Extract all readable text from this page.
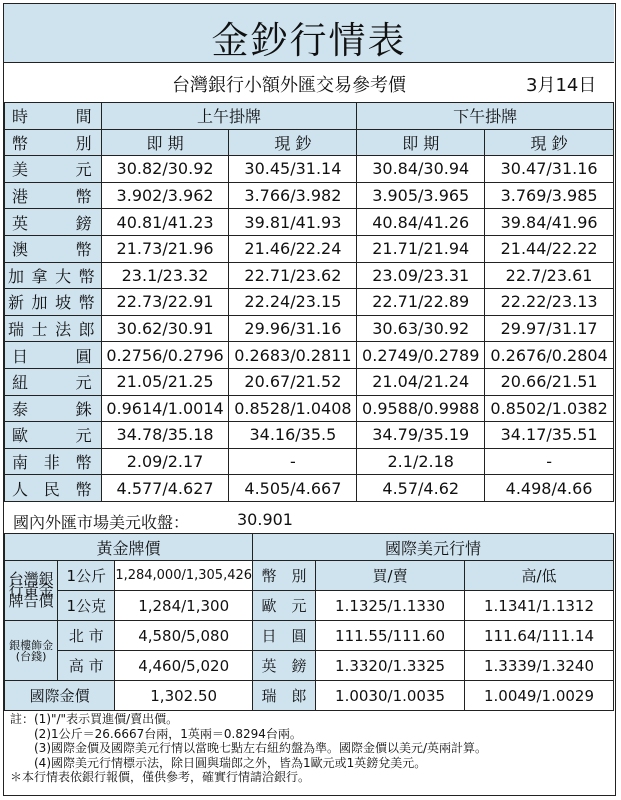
金鈔行情表
台灣銀行小額外匯交易參考價	3月14日
時　間	上午掛牌		下午掛牌	
幣　別	即 期	現 鈔	即 期	現 鈔
美　元	30.82/30.92	30.45/31.14	30.84/30.94	30.47/31.16
港　幣	3.902/3.962	3.766/3.982	3.905/3.965	3.769/3.985
英　鎊	40.81/41.23	39.81/41.93	40.84/41.26	39.84/41.96
澳　幣	21.73/21.96	21.46/22.24	21.71/21.94	21.44/22.22
加拿大幣	23.1/23.32	22.71/23.62	23.09/23.31	22.7/23.61
新加坡幣	22.73/22.91	22.24/23.15	22.71/22.89	22.22/23.13
瑞士法郎	30.62/30.91	29.96/31.16	30.63/30.92	29.97/31.17
日　圓	0.2756/0.2796	0.2683/0.2811	0.2749/0.2789	0.2676/0.2804
紐　元	21.05/21.25	20.67/21.52	21.04/21.24	20.66/21.51
泰　銖	0.9614/1.0014	0.8528/1.0408	0.9588/0.9988	0.8502/1.0382
歐　元	34.78/35.18	34.16/35.5	34.79/35.19	34.17/35.51
南非幣	2.09/2.17	-	2.1/2.18	-
人民幣	4.577/4.627	4.505/4.667	4.57/4.62	4.498/4.66
國內外匯市場美元收盤：	30.901
黃金牌價			國際美元行情		
台灣銀行黃金牌告價	1公斤	1,284,000/1,305,426	幣　別	買/賣	高/低
	1公克	1,284/1,300	歐　元	1.1325/1.1330	1.1341/1.1312
銀樓飾金(台錢)	北 市	4,580/5,080	日　圓	111.55/111.60	111.64/111.14
	高 市	4,460/5,020	英　鎊	1.3320/1.3325	1.3339/1.3240
國際金價		1,302.50	瑞　郎	1.0030/1.0035	1.0049/1.0029
註：(1)"/"表示買進價/賣出價。
　　(2)1公斤＝26.6667台兩，1英兩＝0.8294台兩。
　　(3)國際金價及國際美元行情以當晚七點左右紐約盤為準。國際金價以美元/英兩計算。
　　(4)國際美元行情標示法，除日圓與瑞郎之外，皆為1歐元或1英鎊兌美元。
＊本行情表依銀行報價，僅供參考，確實行情請洽銀行。
